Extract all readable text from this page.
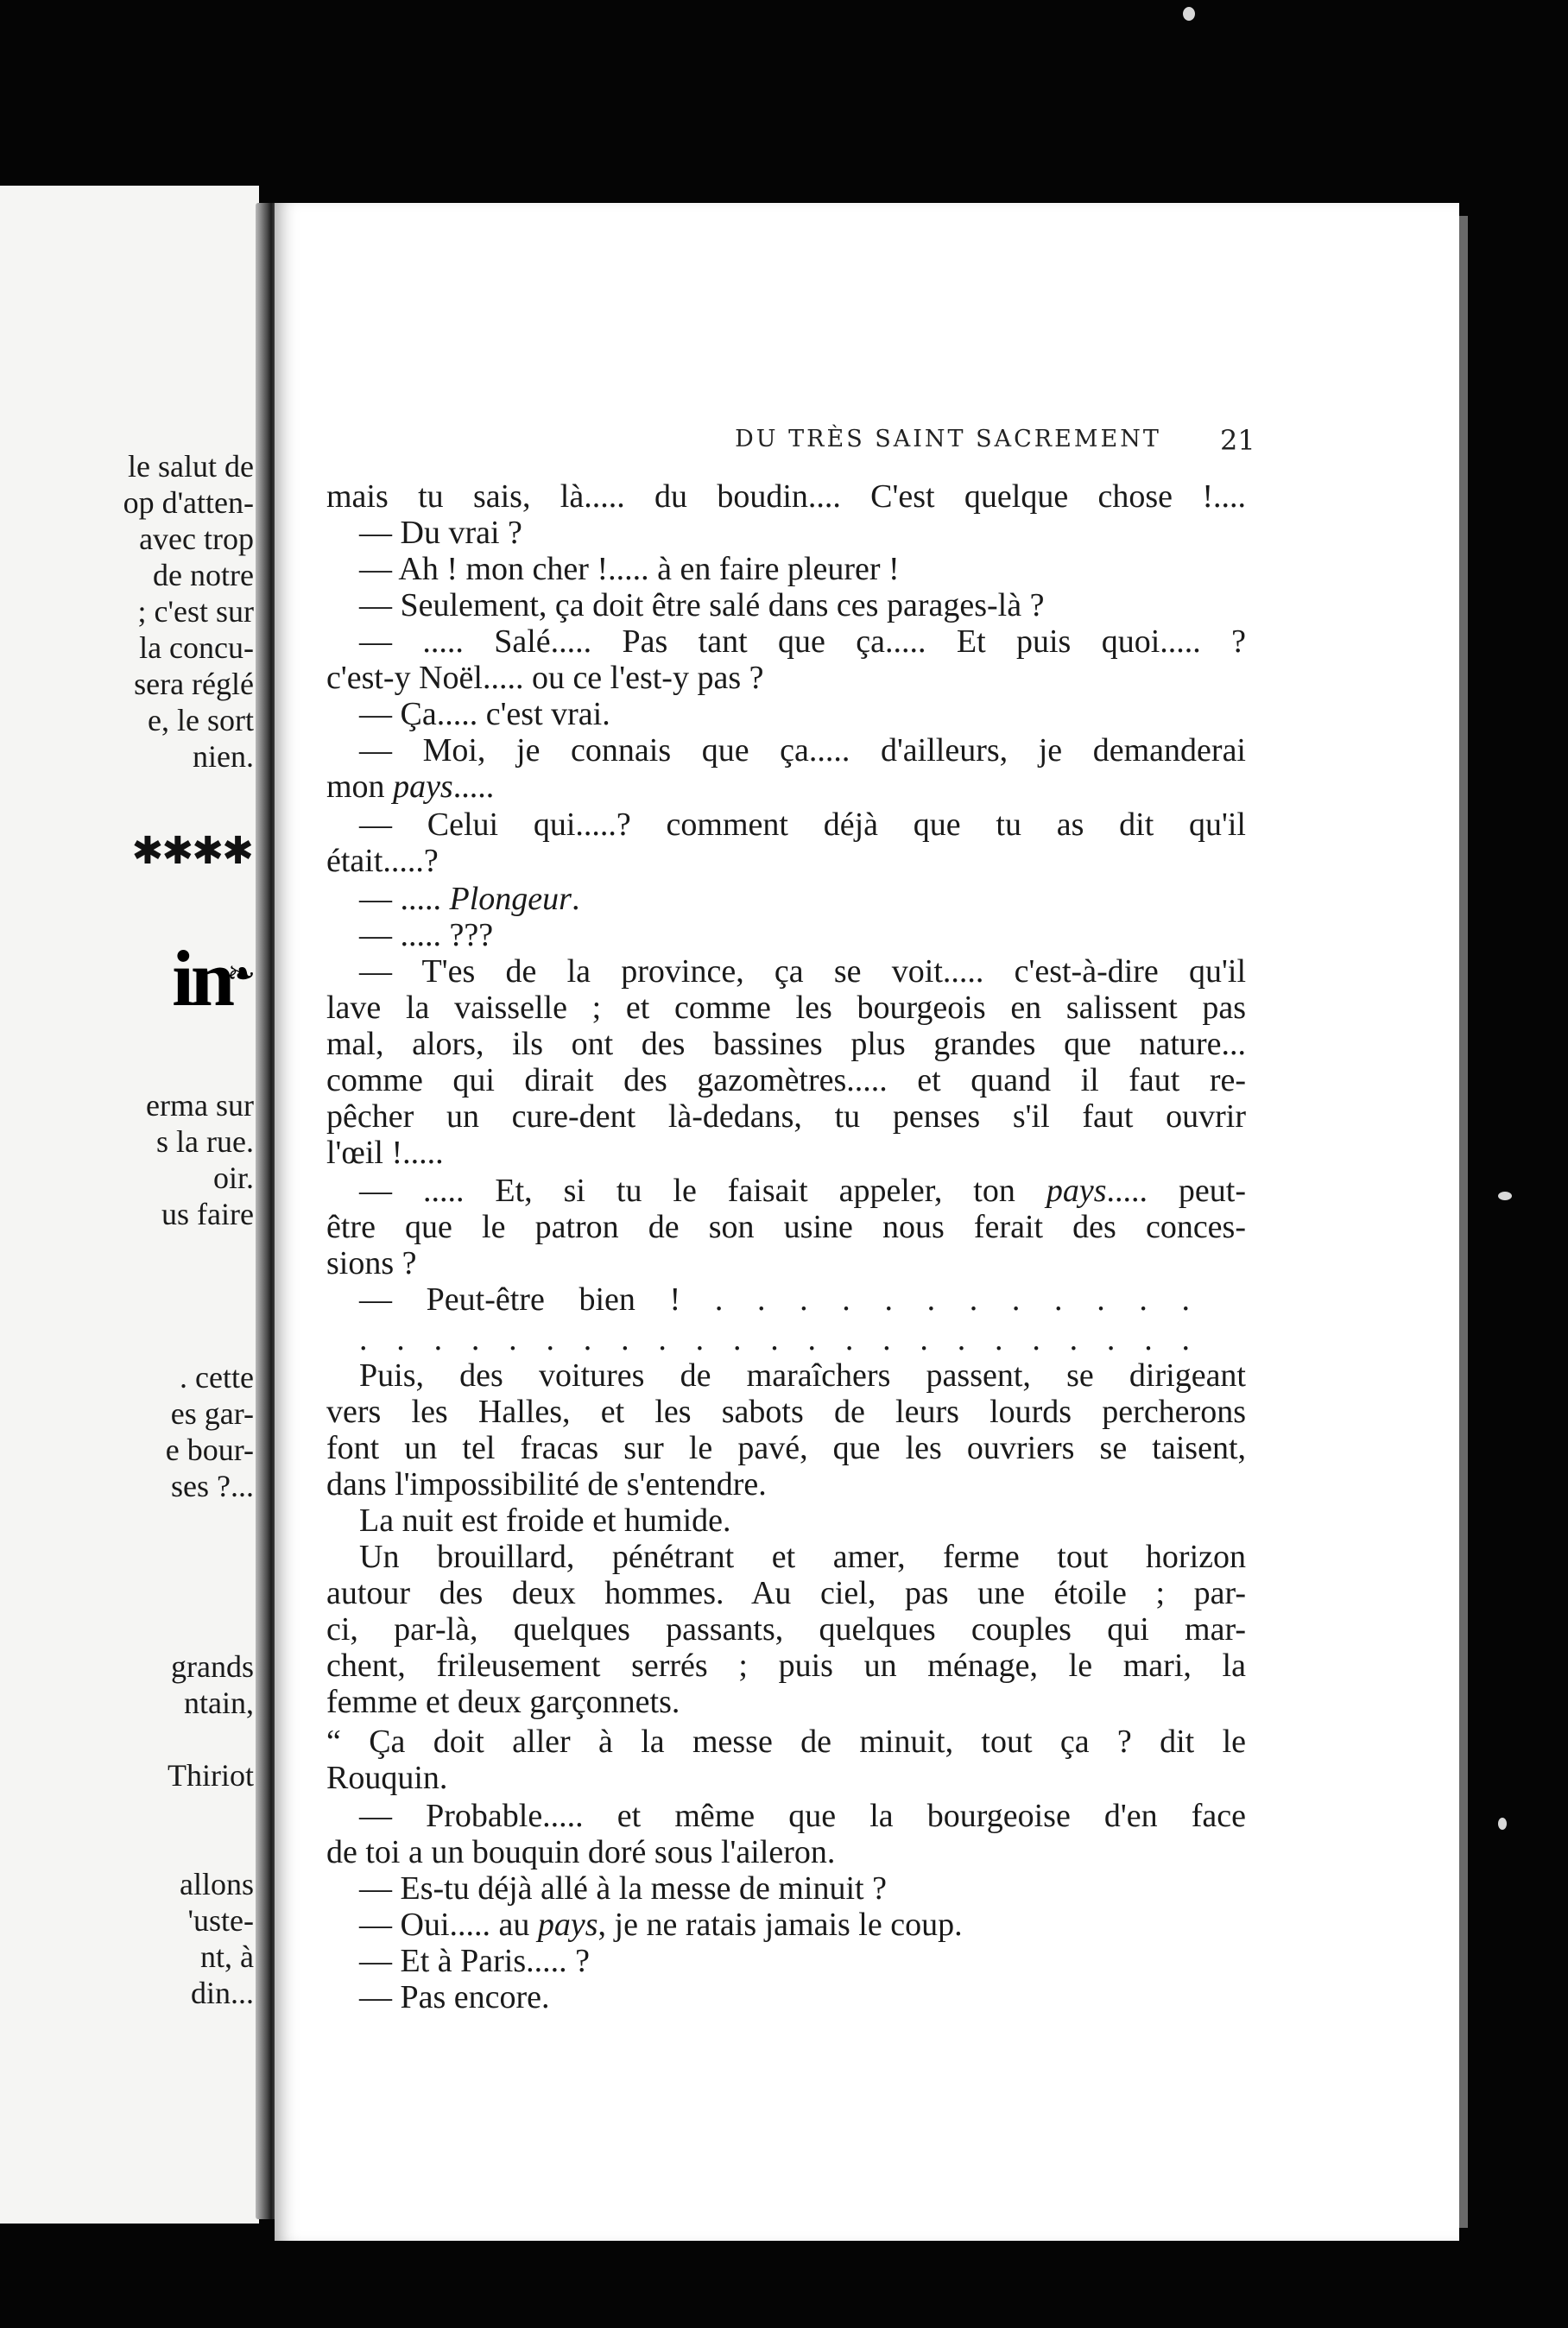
le salut de
op d'atten-
avec trop
de notre
; c'est sur
la concu-
sera réglé
e, le sort
nien.
✱✱✱✱
in
❧
erma sur
s la rue.
oir.
us faire
. cette
es gar-
e bour-
ses ?...
grands
ntain,
Thiriot
allons
'uste-
nt, à
din...
DU TRÈS SAINT SACREMENT	21
mais tu sais, là..... du boudin.... C'est quelque chose !....
— Du vrai ?
— Ah ! mon cher !..... à en faire pleurer !
— Seulement, ça doit être salé dans ces parages-là ?
— ..... Salé..... Pas tant que ça..... Et puis quoi..... ?
c'est-y Noël..... ou ce l'est-y pas ?
— Ça..... c'est vrai.
— Moi, je connais que ça..... d'ailleurs, je demanderai
mon pays.....
— Celui qui.....? comment déjà que tu as dit qu'il
était.....?
— ..... Plongeur.
— ..... ???
— T'es de la province, ça se voit..... c'est-à-dire qu'il
lave la vaisselle ; et comme les bourgeois en salissent pas
mal, alors, ils ont des bassines plus grandes que nature...
comme qui dirait des gazomètres..... et quand il faut re-
pêcher un cure-dent là-dedans, tu penses s'il faut ouvrir
l'œil !.....
— ..... Et, si tu le faisait appeler, ton pays..... peut-
être que le patron de son usine nous ferait des conces-
sions ?
— Peut-être bien ! . . . . . . . . . . . .
. . . . . . . . . . . . . . . . . . . . . . .
Puis, des voitures de maraîchers passent, se dirigeant
vers les Halles, et les sabots de leurs lourds percherons
font un tel fracas sur le pavé, que les ouvriers se taisent,
dans l'impossibilité de s'entendre.
La nuit est froide et humide.
Un brouillard, pénétrant et amer, ferme tout horizon
autour des deux hommes. Au ciel, pas une étoile ; par-
ci, par-là, quelques passants, quelques couples qui mar-
chent, frileusement serrés ; puis un ménage, le mari, la
femme et deux garçonnets.
“ Ça doit aller à la messe de minuit, tout ça ? dit le
Rouquin.
— Probable..... et même que la bourgeoise d'en face
de toi a un bouquin doré sous l'aileron.
— Es-tu déjà allé à la messe de minuit ?
— Oui..... au pays, je ne ratais jamais le coup.
— Et à Paris..... ?
— Pas encore.
